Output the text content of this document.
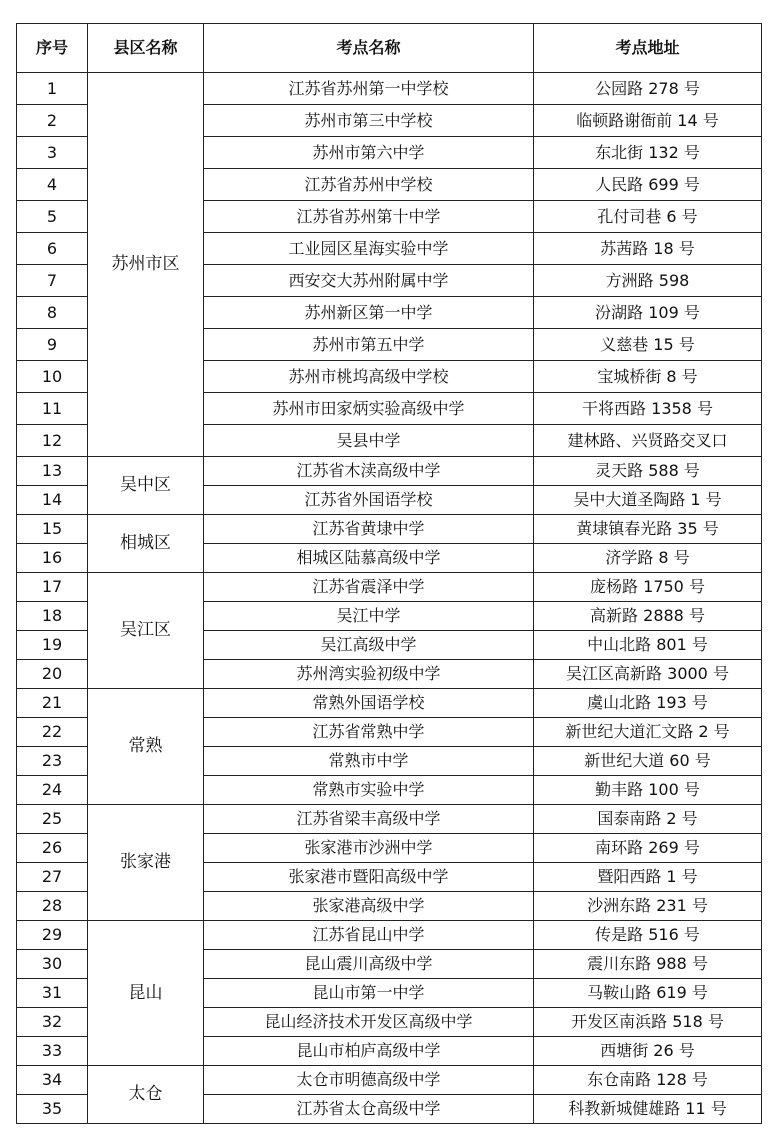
序号	县区名称	考点名称	考点地址
1	苏州市区	江苏省苏州第一中学校	公园路 278 号
2		苏州市第三中学校	临顿路谢衙前 14 号
3		苏州市第六中学	东北街 132 号
4		江苏省苏州中学校	人民路 699 号
5		江苏省苏州第十中学	孔付司巷 6 号
6		工业园区星海实验中学	苏茜路 18 号
7		西安交大苏州附属中学	方洲路 598
8		苏州新区第一中学	汾湖路 109 号
9		苏州市第五中学	义慈巷 15 号
10		苏州市桃坞高级中学校	宝城桥街 8 号
11		苏州市田家炳实验高级中学	干将西路 1358 号
12		吴县中学	建林路、兴贤路交叉口
13	吴中区	江苏省木渎高级中学	灵天路 588 号
14		江苏省外国语学校	吴中大道圣陶路 1 号
15	相城区	江苏省黄埭中学	黄埭镇春光路 35 号
16		相城区陆慕高级中学	济学路 8 号
17	吴江区	江苏省震泽中学	庞杨路 1750 号
18		吴江中学	高新路 2888 号
19		吴江高级中学	中山北路 801 号
20		苏州湾实验初级中学	吴江区高新路 3000 号
21	常熟	常熟外国语学校	虞山北路 193 号
22		江苏省常熟中学	新世纪大道汇文路 2 号
23		常熟市中学	新世纪大道 60 号
24		常熟市实验中学	勤丰路 100 号
25	张家港	江苏省梁丰高级中学	国泰南路 2 号
26		张家港市沙洲中学	南环路 269 号
27		张家港市暨阳高级中学	暨阳西路 1 号
28		张家港高级中学	沙洲东路 231 号
29	昆山	江苏省昆山中学	传是路 516 号
30		昆山震川高级中学	震川东路 988 号
31		昆山市第一中学	马鞍山路 619 号
32		昆山经济技术开发区高级中学	开发区南浜路 518 号
33		昆山市柏庐高级中学	西塘街 26 号
34	太仓	太仓市明德高级中学	东仓南路 128 号
35		江苏省太仓高级中学	科教新城健雄路 11 号
